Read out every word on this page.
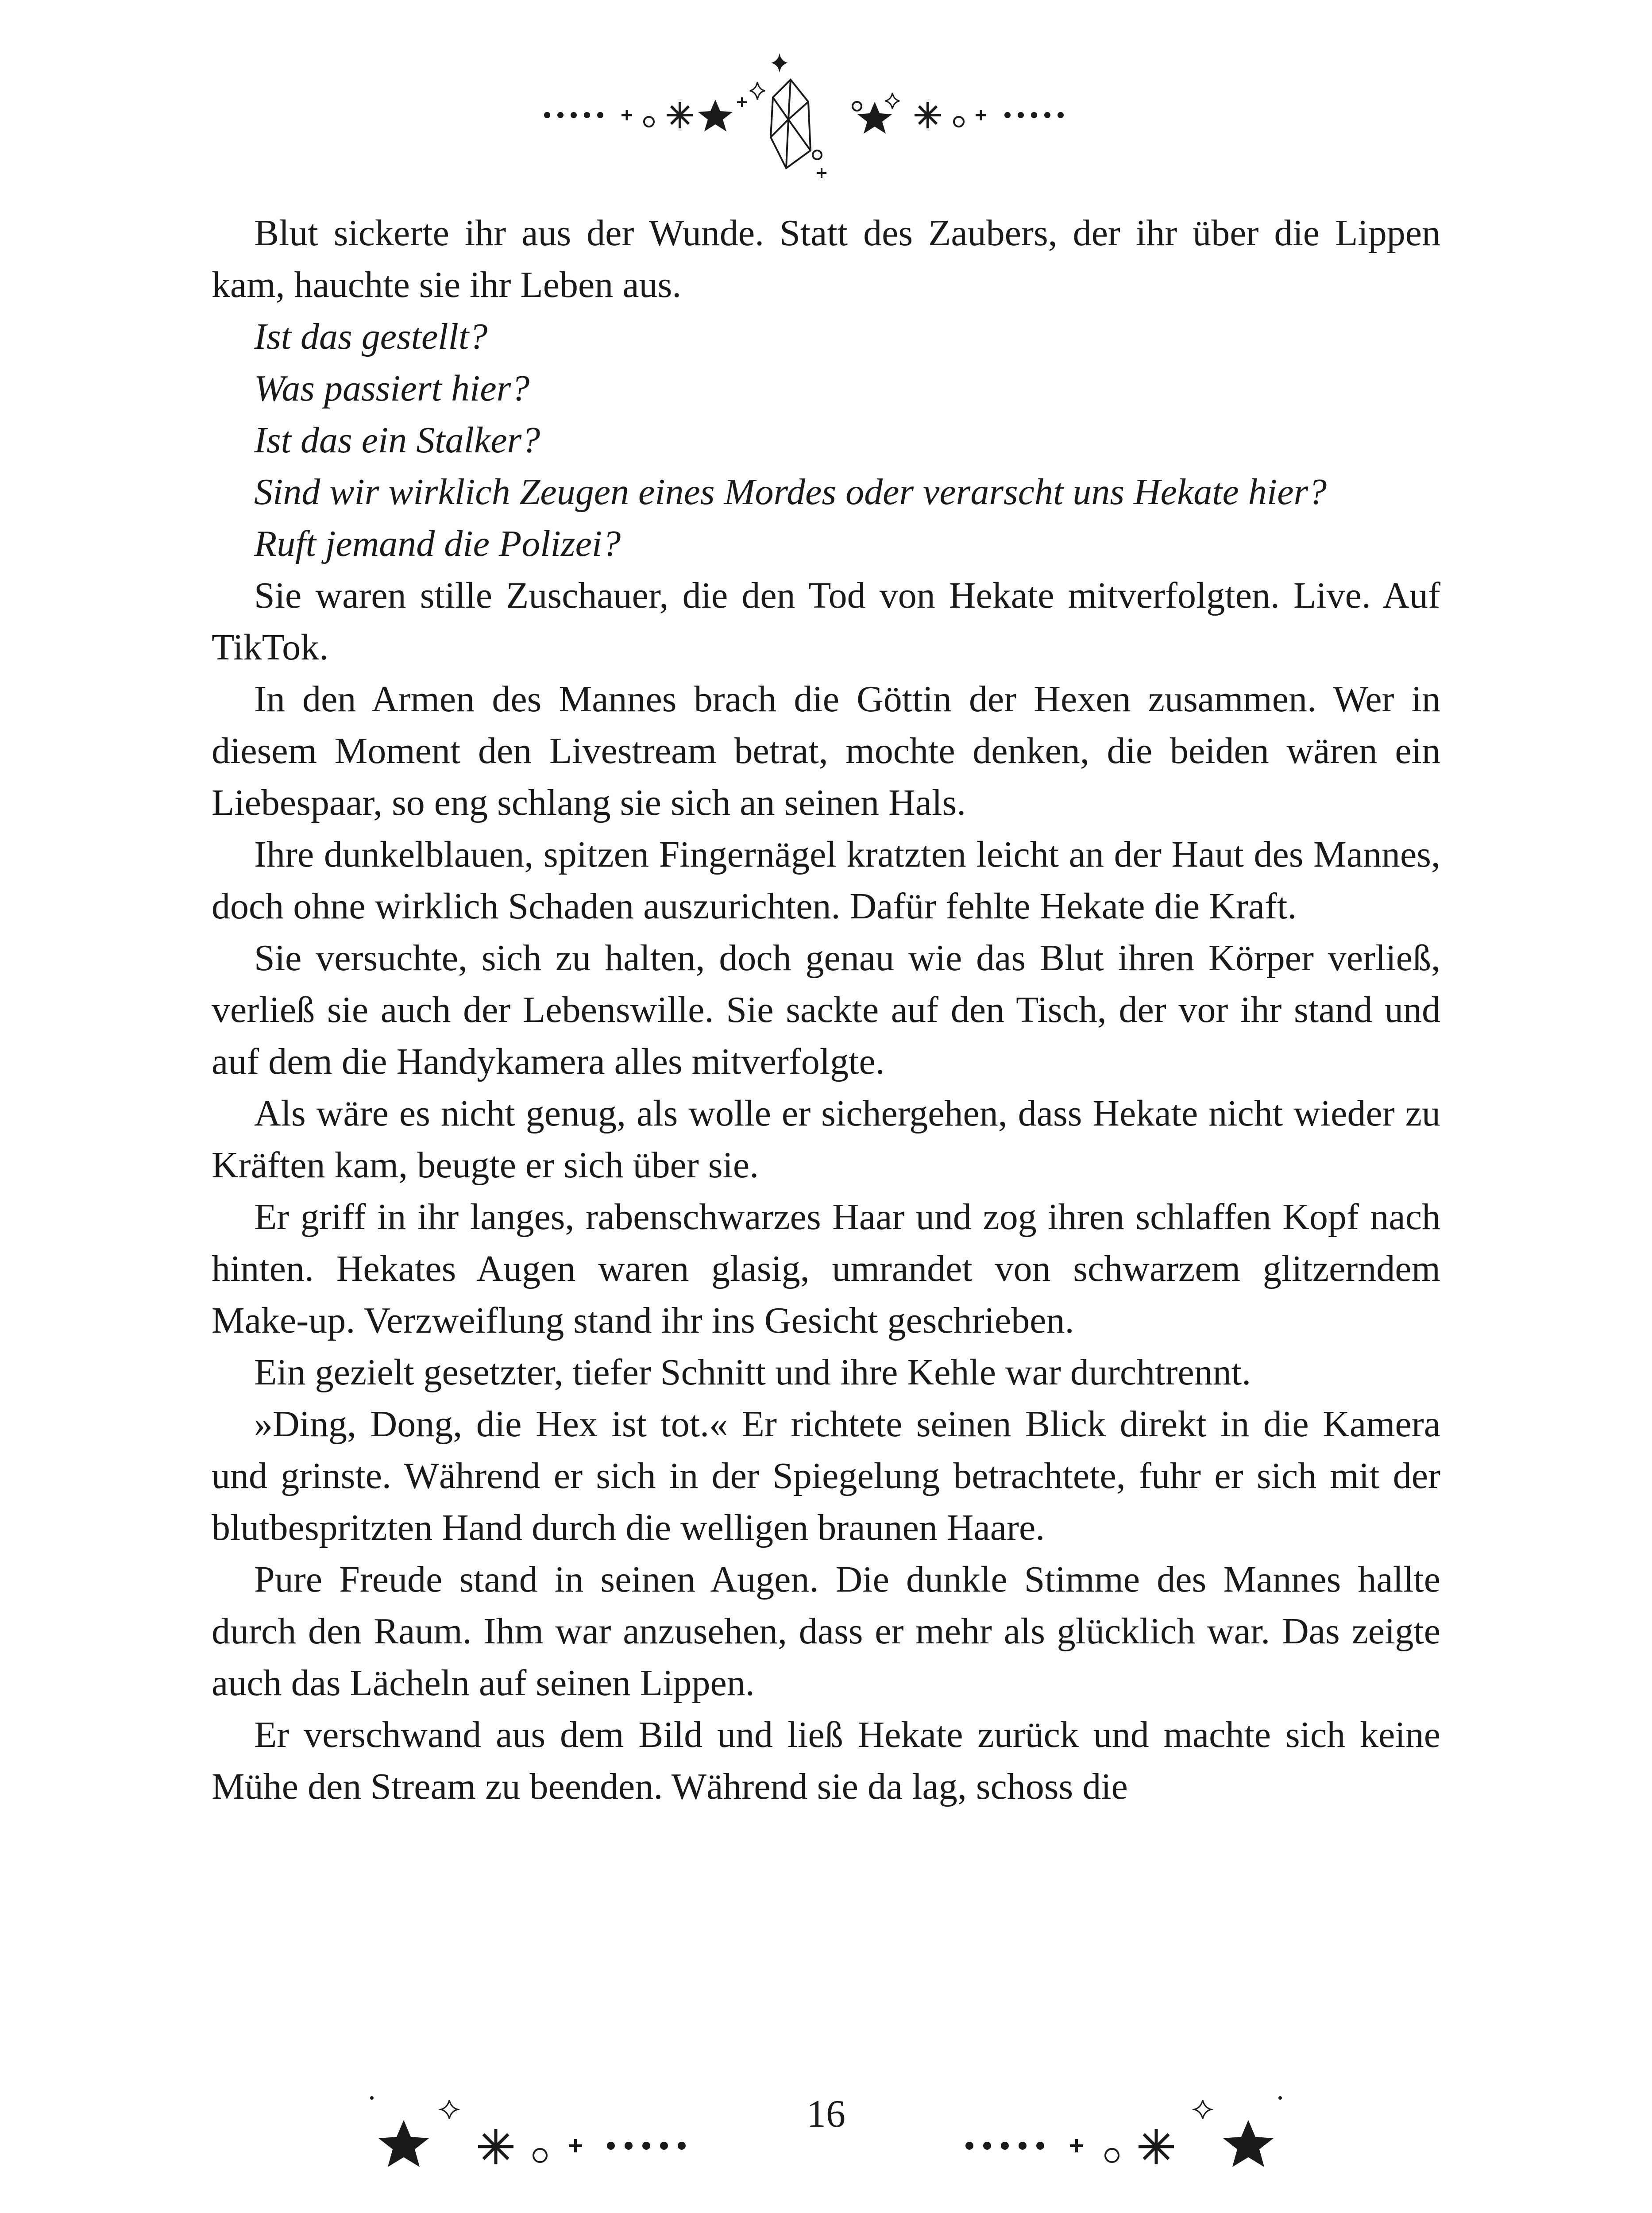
Blut sickerte ihr aus der Wunde. Statt des Zaubers, der ihr über die Lippen kam, hauchte sie ihr Leben aus.

Ist das gestellt?

Was passiert hier?

Ist das ein Stalker?

Sind wir wirklich Zeugen eines Mordes oder verarscht uns Hekate hier?

Ruft jemand die Polizei?

Sie waren stille Zuschauer, die den Tod von Hekate mitverfolgten. Live. Auf TikTok.

In den Armen des Mannes brach die Göttin der Hexen zusammen. Wer in diesem Moment den Livestream betrat, mochte denken, die beiden wären ein Liebespaar, so eng schlang sie sich an seinen Hals.

Ihre dunkelblauen, spitzen Fingernägel kratzten leicht an der Haut des Mannes, doch ohne wirklich Schaden auszurichten. Dafür fehlte Hekate die Kraft.

Sie versuchte, sich zu halten, doch genau wie das Blut ihren Körper verließ, verließ sie auch der Lebenswille. Sie sackte auf den Tisch, der vor ihr stand und auf dem die Handykamera alles mitverfolgte.

Als wäre es nicht genug, als wolle er sichergehen, dass Hekate nicht wieder zu Kräften kam, beugte er sich über sie.

Er griff in ihr langes, rabenschwarzes Haar und zog ihren schlaffen Kopf nach hinten. Hekates Augen waren glasig, umrandet von schwarzem glitzerndem Make-up. Verzweiflung stand ihr ins Gesicht geschrieben.

Ein gezielt gesetzter, tiefer Schnitt und ihre Kehle war durchtrennt.

»Ding, Dong, die Hex ist tot.« Er richtete seinen Blick direkt in die Kamera und grinste. Während er sich in der Spiegelung betrachtete, fuhr er sich mit der blutbespritzten Hand durch die welligen braunen Haare.

Pure Freude stand in seinen Augen. Die dunkle Stimme des Mannes hallte durch den Raum. Ihm war anzusehen, dass er mehr als glücklich war. Das zeigte auch das Lächeln auf seinen Lippen.

Er verschwand aus dem Bild und ließ Hekate zurück und machte sich keine Mühe den Stream zu beenden. Während sie da lag, schoss die

16
